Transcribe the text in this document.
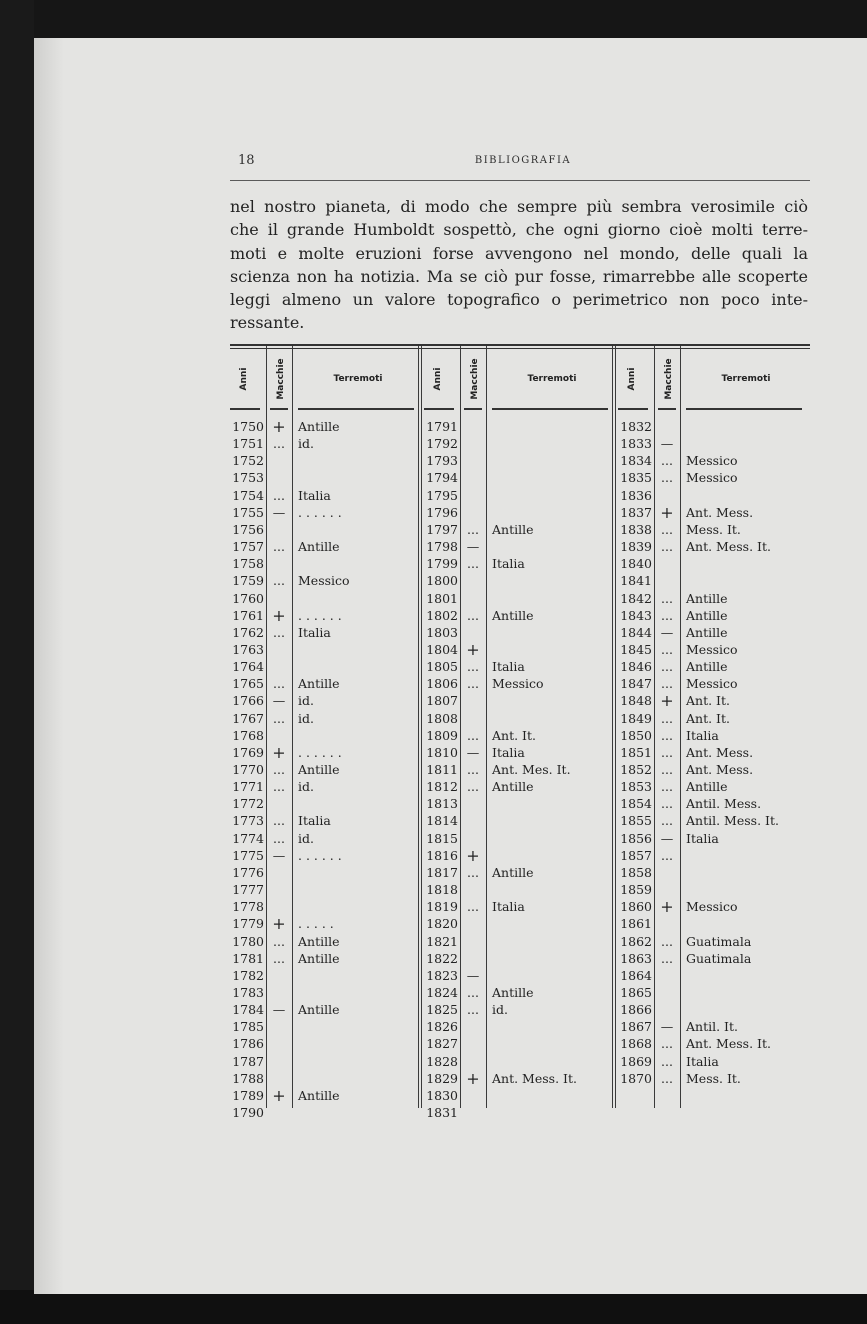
18	BIBLIOGRAFIA
nel nostro pianeta, di modo che sempre più sembra verosimile ciò
che il grande Humboldt sospettò, che ogni giorno cioè molti terre-
moti e molte eruzioni forse avvengono nel mondo, delle quali la
scienza non ha notizia. Ma se ciò pur fosse, rimarrebbe alle scoperte
leggi almeno un valore topografico o perimetrico non poco inte-
ressante.
Anni	Macchie	Terremoti
1750 + Antille
1751 ...	id.
1752
1753
1754 ...	Italia
1755 —	. . . . . .
1756
1757 ...	Antille
1758
1759 ...	Messico
1760
1761 + . . . . . .
1762 ...	Italia
1763
1764
1765 ...	Antille
1766 —	id.
1767 ...	id.
1768
1769 + . . . . . .
1770 ...	Antille
1771 ...	id.
1772
1773 ...	Italia
1774 ...	id.
1775 —	. . . . . .
1776
1777
1778
1779 + . . . . .
1780 ...	Antille
1781 ...	Antille
1782
1783
1784 —	Antille
1785
1786
1787
1788
1789 + Antille
1790
Anni	Macchie	Terremoti
1791
1792
1793
1794
1795
1796
1797 ...	Antille
1798 —
1799 ...	Italia
1800
1801
1802 ...	Antille
1803
1804 +
1805 ...	Italia
1806 ...	Messico
1807
1808
1809 ...	Ant. It.
1810 —	Italia
1811 ...	Ant. Mes. It.
1812 ...	Antille
1813
1814
1815
1816 +
1817 ...	Antille
1818
1819 ...	Italia
1820
1821
1822
1823 —
1824 ...	Antille
1825 ...	id.
1826
1827
1828
1829 + Ant. Mess. It.
1830
1831
Anni	Macchie	Terremoti
1832
1833 —
1834 ...	Messico
1835 ...	Messico
1836
1837 + Ant. Mess.
1838 ...	Mess. It.
1839 ...	Ant. Mess. It.
1840
1841
1842 ...	Antille
1843 ...	Antille
1844 —	Antille
1845 ...	Messico
1846 ...	Antille
1847 ...	Messico
1848 + Ant. It.
1849 ...	Ant. It.
1850 ...	Italia
1851 ...	Ant. Mess.
1852 ...	Ant. Mess.
1853 ...	Antille
1854 ...	Antil. Mess.
1855 ...	Antil. Mess. It.
1856 —	Italia
1857 ...
1858
1859
1860 + Messico
1861
1862 ...	Guatimala
1863 ...	Guatimala
1864
1865
1866
1867 —	Antil. It.
1868 ...	Ant. Mess. It.
1869 ...	Italia
1870 ...	Mess. It.
